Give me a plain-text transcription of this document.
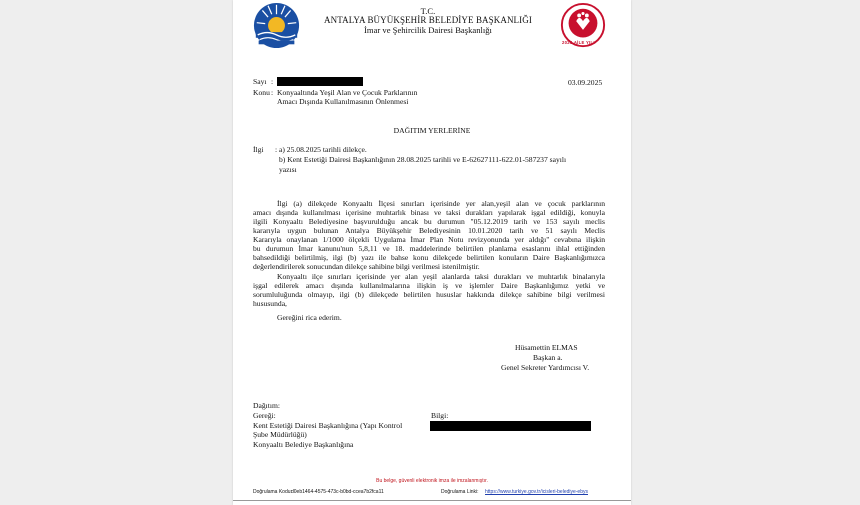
2025 AİLE YILI
T.C.
ANTALYA BÜYÜKŞEHİR BELEDİYE BAŞKANLIĞI
İmar ve Şehircilik Dairesi Başkanlığı
Sayı :	03.09.2025
Konu : Konyaaltında Yeşil Alan ve Çocuk Parklarının
Amacı Dışında Kullanılmasının Önlenmesi
DAĞITIM YERLERİNE
İlgi : a) 25.08.2025 tarihli dilekçe.
b) Kent Estetiği Dairesi Başkanlığının 28.08.2025 tarihli ve E-62627111-622.01-587237 sayılı
yazısı
İlgi (a) dilekçede Konyaaltı İlçesi sınırları içerisinde yer alan,yeşil alan ve çocuk parklarının
amacı dışında kullanılması içerisine muhtarlık binası ve taksi durakları yapılarak işgal edildiği, konuyla
ilgili Konyaaltı Belediyesine başvurulduğu ancak bu durumun "05.12.2019 tarih ve 153 sayılı meclis
kararıyla uygun bulunan Antalya Büyükşehir Belediyesinin 10.01.2020 tarih ve 51 sayılı Meclis
Kararıyla onaylanan 1/1000 ölçekli Uygulama İmar Plan Notu revizyonunda yer aldığı" cevabına ilişkin
bu durumun İmar kanunu'nun 5,8,11 ve 18. maddelerinde belirtilen planlama esaslarını ihlal ettiğinden
bahsedildiği belirtilmiş, ilgi (b) yazı ile bahse konu dilekçede belirtilen konuların Daire Başkanlığımızca
değerlendirilerek sonucundan dilekçe sahibine bilgi verilmesi istenilmiştir.
Konyaaltı ilçe sınırları içerisinde yer alan yeşil alanlarda taksi durakları ve muhtarlık binalarıyla
işgal edilerek amacı dışında kullanılmalarına ilişkin iş ve işlemler Daire Başkanlığımız yetki ve
sorumluluğunda olmayıp, ilgi (b) dilekçede belirtilen hususlar hakkında dilekçe sahibine bilgi verilmesi
hususunda,
Gereğini rica ederim.
Hüsamettin ELMAS
Başkan a.
Genel Sekreter Yardımcısı V.
Dağıtım:
Gereği:	Bilgi:
Kent Estetiği Dairesi Başkanlığına (Yapı Kontrol
Şube Müdürlüğü)
Konyaaltı Belediye Başkanlığına
Bu belge, güvenli elektronik imza ile imzalanmıştır.
Doğrulama Kodu: d0eb1464-4575-473c-b0bd-ccea7b2fca11	Doğrulama Linki: https://www.turkiye.gov.tr/icisleri-belediye-ebys
